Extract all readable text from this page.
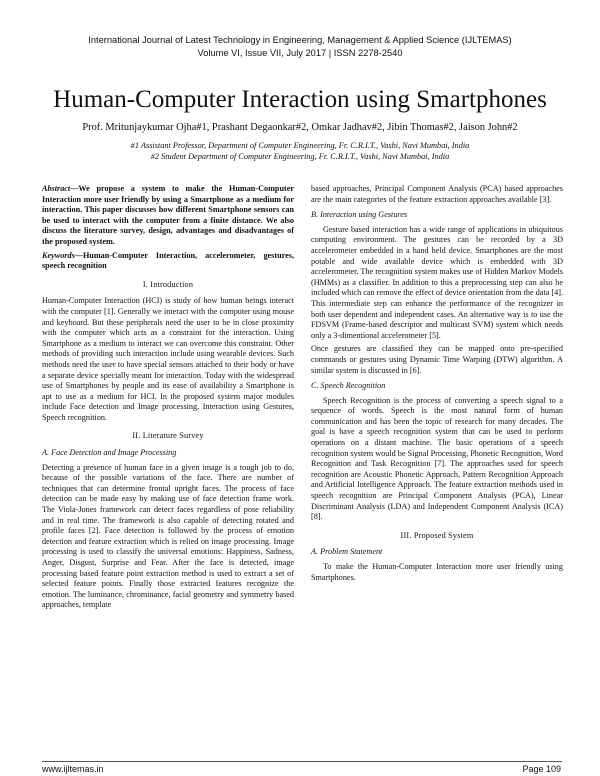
International Journal of Latest Technology in Engineering, Management & Applied Science (IJLTEMAS)
Volume VI, Issue VII, July 2017 | ISSN 2278-2540
Human-Computer Interaction using Smartphones
Prof. Mritunjaykumar Ojha#1, Prashant Degaonkar#2, Omkar Jadhav#2, Jibin Thomas#2, Jaison John#2
#1 Assistant Professor, Department of Computer Engineering, Fr. C.R.I.T., Vashi, Navi Mumbai, India
#2 Student Department of Computer Engineering, Fr. C.R.I.T., Vashi, Navi Mumbai, India

Abstract—We propose a system to make the Human-Computer Interaction more user friendly by using a Smartphone as a medium for interaction. This paper discusses how different Smartphone sensors can be used to interact with the computer from a finite distance. We also discuss the literature survey, design, advantages and disadvantages of the proposed system.

Keywords—Human-Computer Interaction, accelerometer, gestures, speech recognition

I. Introduction

Human-Computer Interaction (HCI) is study of how human beings interact with the computer [1]. Generally we interact with the computer using mouse and keyboard. But these peripherals need the user to be in close proximity with the computer which acts as a constraint for the interaction. Using Smartphone as a medium to interact we can overcome this constraint. Other methods of providing such interaction include using wearable devices. Such methods need the user to have special sensors attached to their body or have a separate device specially meant for interaction. Today with the widespread use of Smartphones by people and its ease of availability a Smartphone is apt to use as a medium for HCI. In the proposed system major modules include Face detection and Image processing, Interaction using Gestures, Speech recognition.

II. Literature Survey
A. Face Detection and Image Processing

Detecting a presence of human face in a given image is a tough job to do, because of the possible variations of the face. There are number of techniques that can determine frontal upright faces. The process of face detection can be made easy by making use of face detection frame work. The Viola-Jones framework can detect faces regardless of pose reliability and in real time. The framework is also capable of detecting rotated and profile faces [2]. Face detection is followed by the process of emotion detection and feature extraction which is relied on image processing. Image processing is used to classify the universal emotions: Happiness, Sadness, Anger, Disgust, Surprise and Fear. After the face is detected, image processing based feature point extraction method is used to extract a set of selected feature points. Finally those extracted features recognize the emotion. The luminance, chrominance, facial geometry and symmetry based approaches, template

based approaches, Principal Component Analysis (PCA) based approaches are the main categories of the feature extraction approaches available [3].

B. Interaction using Gestures

Gesture based interaction has a wide range of applications in ubiquitous computing environment. The gestures can be recorded by a 3D accelerometer embedded in a hand held device. Smartphones are the most potable and wide available device which is embedded with 3D accelerometer. The recognition system makes use of Hidden Markov Models (HMMs) as a classifier. In addition to this a preprocessing step can also be included which can remove the effect of device orientation from the data [4]. This intermediate step can enhance the performance of the recognizer in both user dependent and independent cases. An alternative way is to use the FDSVM (Frame-based descriptor and multicast SVM) system which needs only a 3-dimentional accelerometer [5].

Once gestures are classified they can be mapped onto pre-specified commands or gestures using Dynamic Time Warping (DTW) algorithm. A similar system is discussed in [6].

C. Speech Recognition

Speech Recognition is the process of converting a speech signal to a sequence of words. Speech is the most natural form of human communication and has been the topic of research for many decades. The goal is have a speech recognition system that can be used to perform operations on a distant machine. The basic operations of a speech recognition system would be Signal Processing, Phonetic Recognition, Word Recognition and Task Recognition [7]. The approaches used for speech recognition are Acoustic Phonetic Approach, Pattern Recognition Approach and Artificial Intelligence Approach. The feature extraction methods used in speech recognition are Principal Component Analysis (PCA), Linear Discriminant Analysis (LDA) and Independent Component Analysis (ICA) [8].

III. Proposed System
A. Problem Statement

To make the Human-Computer Interaction more user friendly using Smartphones.

www.ijltemas.in	Page 109
